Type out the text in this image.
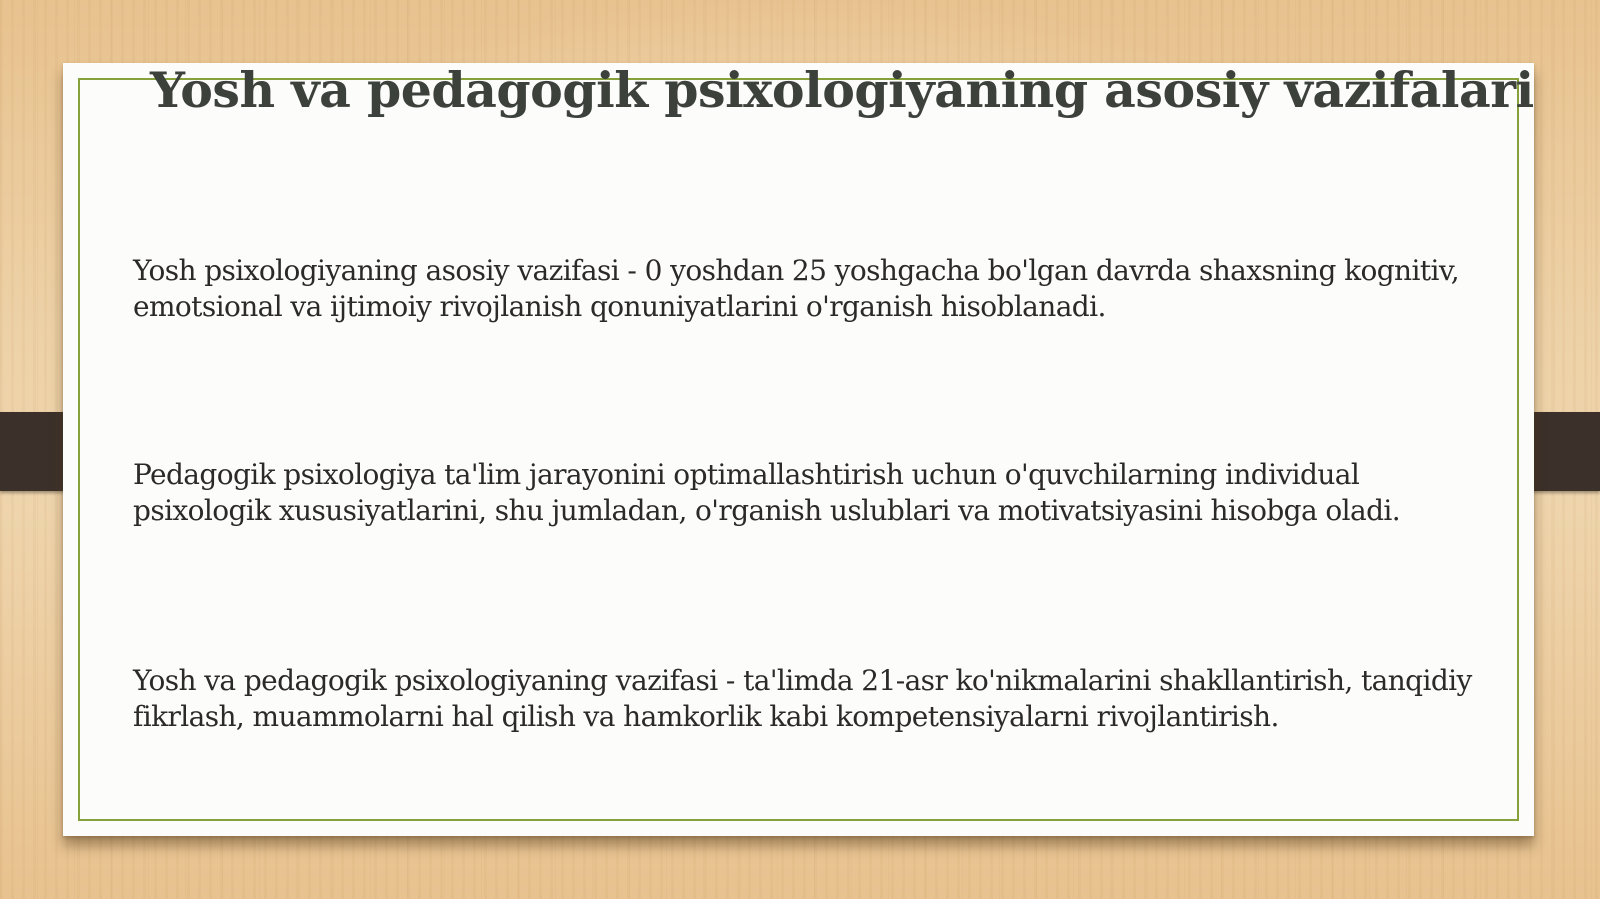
Yosh va pedagogik psixologiyaning asosiy vazifalari

Yosh psixologiyaning asosiy vazifasi - 0 yoshdan 25 yoshgacha bo'lgan davrda shaxsning kognitiv, emotsional va ijtimoiy rivojlanish qonuniyatlarini o'rganish hisoblanadi.

Pedagogik psixologiya ta'lim jarayonini optimallashtirish uchun o'quvchilarning individual psixologik xususiyatlarini, shu jumladan, o'rganish uslublari va motivatsiyasini hisobga oladi.

Yosh va pedagogik psixologiyaning vazifasi - ta'limda 21-asr ko'nikmalarini shakllantirish, tanqidiy fikrlash, muammolarni hal qilish va hamkorlik kabi kompetensiyalarni rivojlantirish.
